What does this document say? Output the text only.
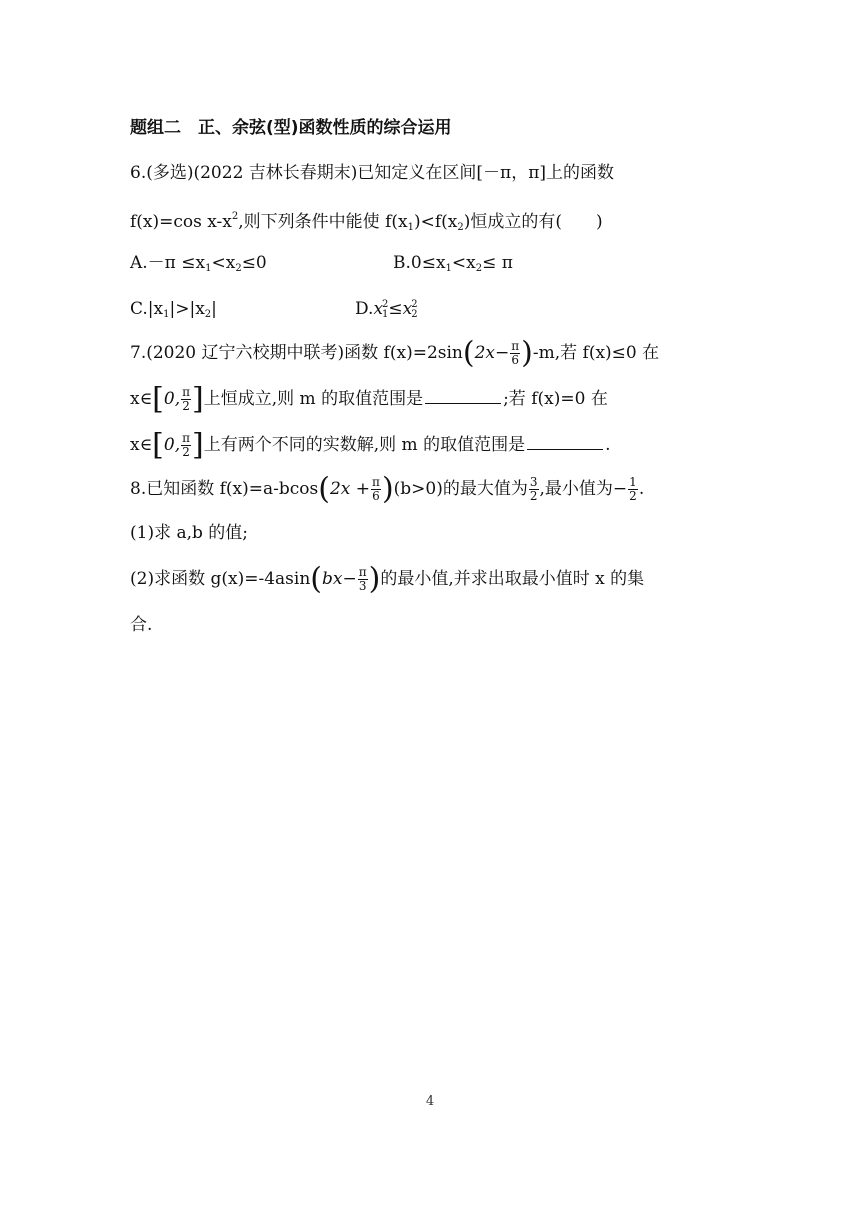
题组二　正、余弦(型)函数性质的综合运用
6.(多选)(2022 吉林长春期末)已知定义在区间[－π，π]上的函数
f(x)=cos $x-x^2$,则下列条件中能使 $f(x_1)<f(x_2)$恒成立的有(　　)
$A.-\pi \le x_1<x_2\le 0$	$B.0\le x_1<x_2\le \pi$
$C.|x_1|>|x_2|$	D.x 2
1 ≤x 2
2
7.(2020 辽宁六校期中联考)函数 $f(x)=2\sin(2x- \frac{\pi}{6} )-m$,若 f(x)≤0 在
x∈[0, $\frac{\pi}{2}$ ]上恒成立,则 m 的取值范围是	;若 f(x)=0 在
x∈[0, $\frac{\pi}{2}$ ]上有两个不同的实数解,则 m 的取值范围是	.
8.已知函数 $f(x)=a-bcos(2x + \frac{\pi}{6} )(b>0)$的最大值为 $\frac{3}{2}$ ,最小值为− $\frac{1}{2}$ .
(1)求 a,b 的值;
(2)求函数 $g(x)=-4asin(bx- \frac{\pi}{3}$ )的最小值,并求出取最小值时 x 的集
合.
4
